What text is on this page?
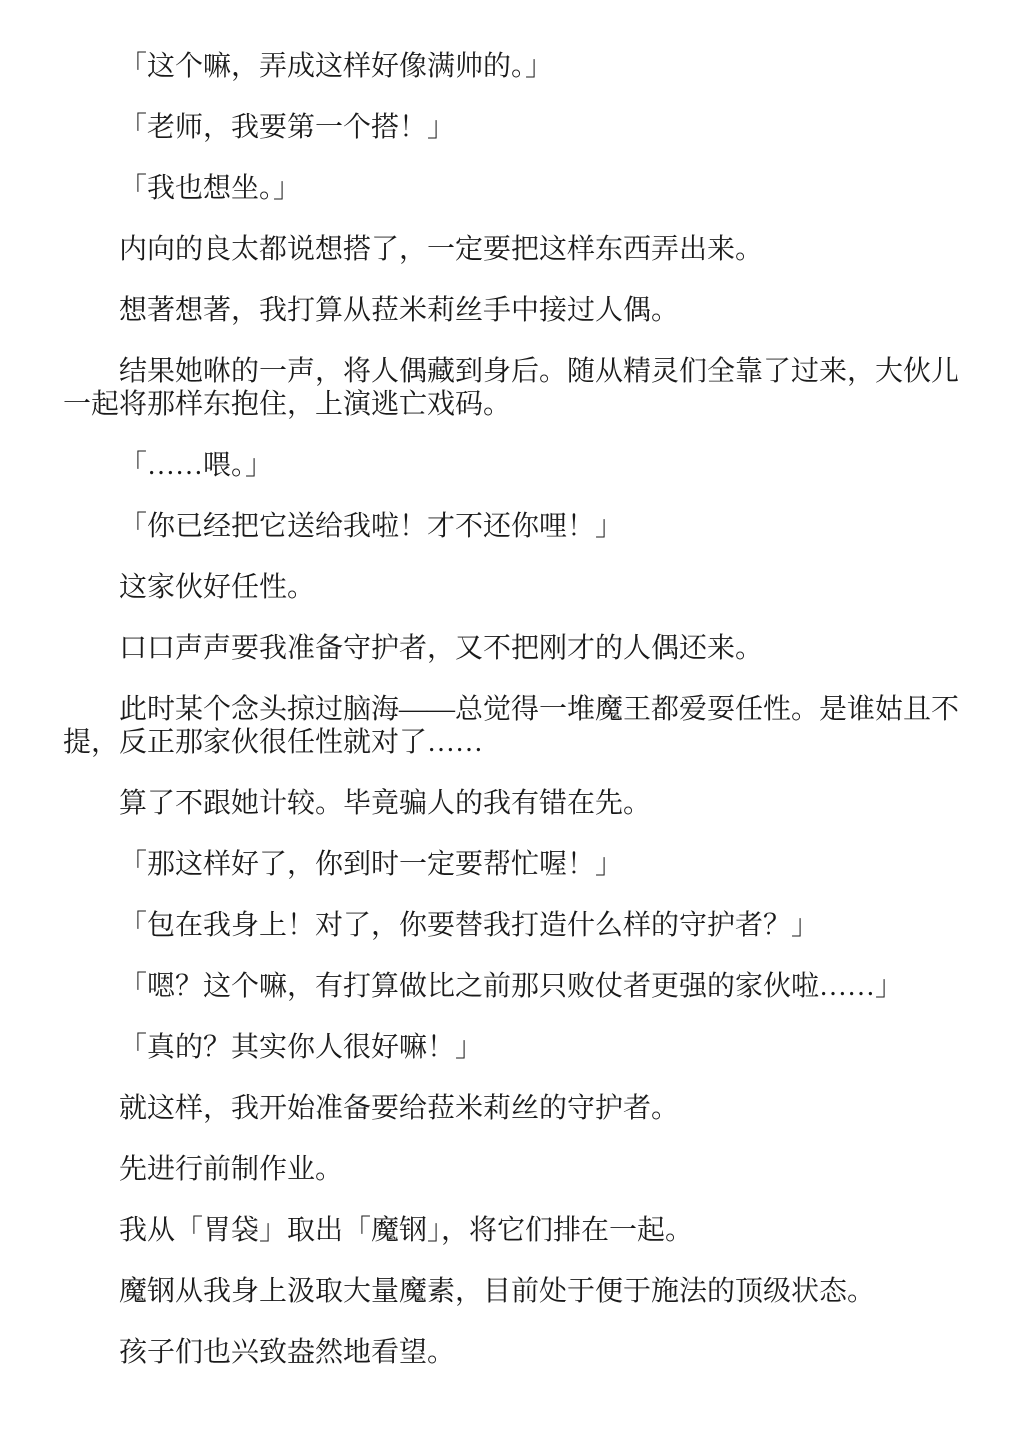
「这个嘛，弄成这样好像满帅的。」

「老师，我要第一个搭！」

「我也想坐。」

内向的良太都说想搭了，一定要把这样东西弄出来。

想著想著，我打算从菈米莉丝手中接过人偶。

结果她咻的一声，将人偶藏到身后。随从精灵们全靠了过来，大伙儿一起将那样东抱住，上演逃亡戏码。

「……喂。」

「你已经把它送给我啦！才不还你哩！」

这家伙好任性。

口口声声要我准备守护者，又不把刚才的人偶还来。

此时某个念头掠过脑海——总觉得一堆魔王都爱耍任性。是谁姑且不提，反正那家伙很任性就对了……

算了不跟她计较。毕竟骗人的我有错在先。

「那这样好了，你到时一定要帮忙喔！」

「包在我身上！对了，你要替我打造什么样的守护者？」

「嗯？这个嘛，有打算做比之前那只败仗者更强的家伙啦……」

「真的？其实你人很好嘛！」

就这样，我开始准备要给菈米莉丝的守护者。

先进行前制作业。

我从「胃袋」取出「魔钢」，将它们排在一起。

魔钢从我身上汲取大量魔素，目前处于便于施法的顶级状态。

孩子们也兴致盎然地看望。
